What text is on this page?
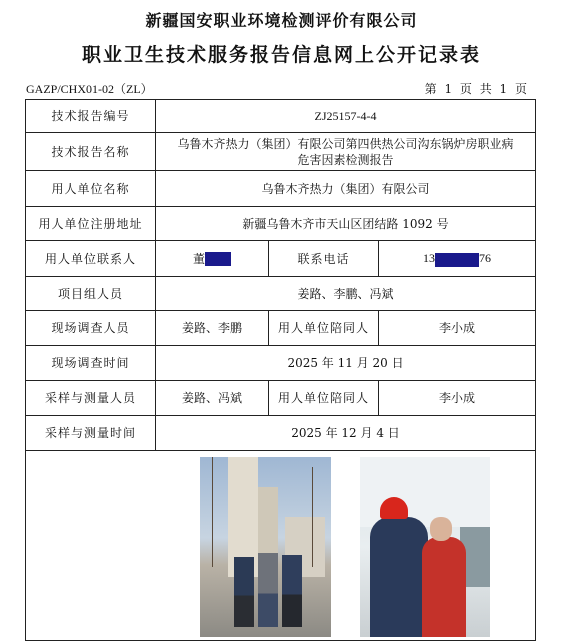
新疆国安职业环境检测评价有限公司
职业卫生技术服务报告信息网上公开记录表
GAZP/CHX01-02（ZL）	第 1 页 共 1 页
技术报告编号	ZJ25157-4-4		
技术报告名称	乌鲁木齐热力（集团）有限公司第四供热公司沟东锅炉房职业病危害因素检测报告		
用人单位名称	乌鲁木齐热力（集团）有限公司		
用人单位注册地址	新疆乌鲁木齐市天山区团结路 1092 号		
用人单位联系人	董	联系电话	13 76
项目组人员	姜路、李鹏、冯斌		
现场调查人员	姜路、李鹏	用人单位陪同人	李小成
现场调查时间	2025 年 11 月 20 日		
采样与测量人员	姜路、冯斌	用人单位陪同人	李小成
采样与测量时间	2025 年 12 月 4 日		
